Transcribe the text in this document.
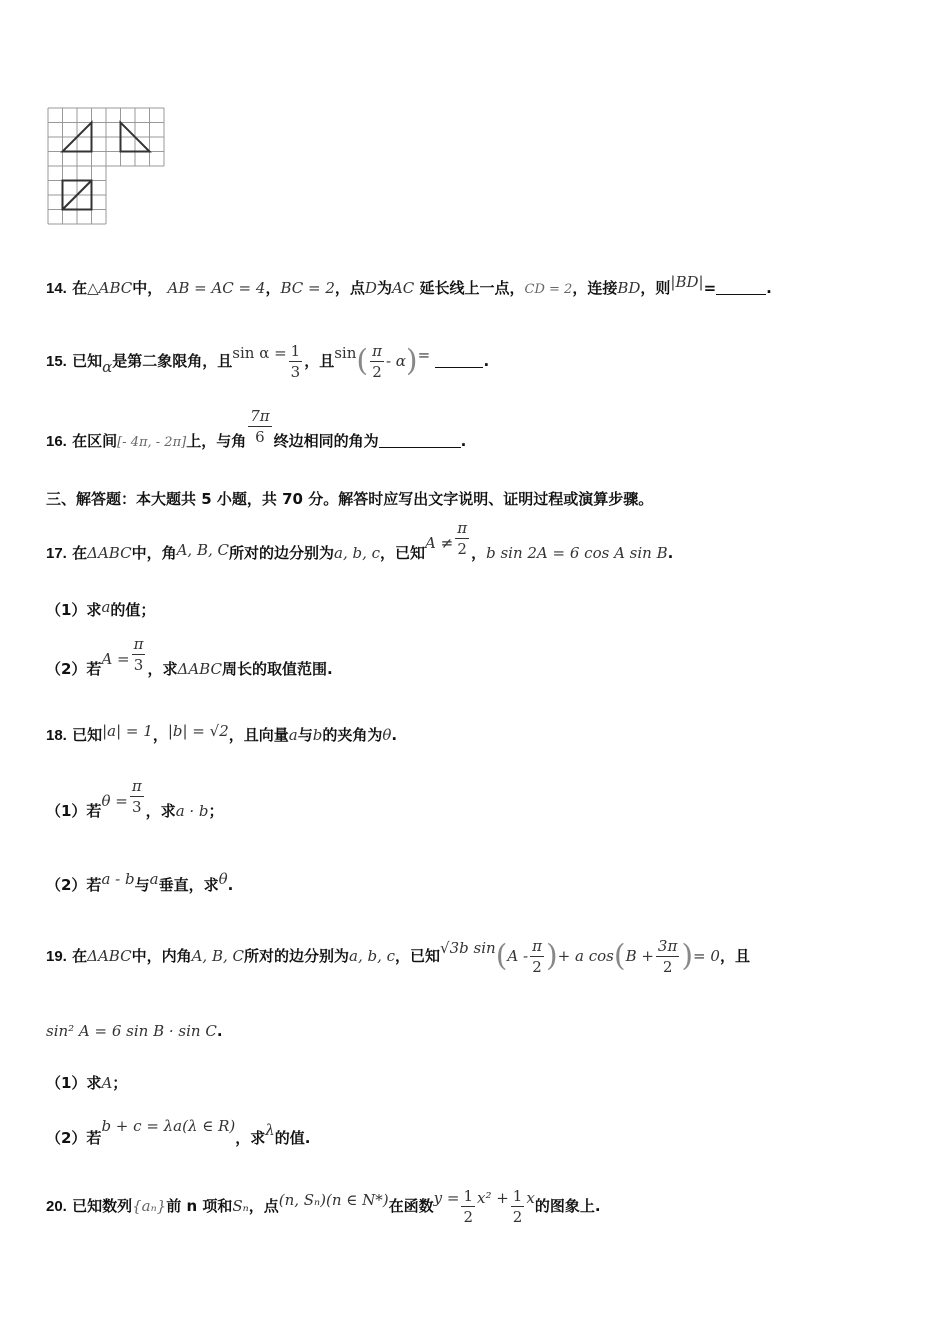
14. 在△ABC中， AB = AC = 4，BC = 2，点D为AC 延长线上一点，CD = 2，连接BD，则|BD|=	.
15. 已知α是第二象限角，且$\sin \alpha = \frac{1}{3}$ ，且$\sin( \frac{\pi}{2} - \alpha)=$	.
16. 在区间[- 4π, - 2π]上，与角 $\frac{7\pi}{6}$ 终边相同的角为	.
三、解答题：本大题共 5 小题，共 70 分。解答时应写出文字说明、证明过程或演算步骤。
17. 在ΔABC中，角A, B, C所对的边分别为a, b, c，已知$A \ne \frac{\pi}{2}$ ，b sin 2A = 6 cos A sin B.
（1）求a的值；
（2）若$A = \frac{\pi}{3}$ ，求ΔABC周长的取值范围.
18. 已知|a| = 1，|b| = √2，且向量a与b的夹角为θ.
（1）若$\theta = \frac{\pi}{3}$ ，求a · b；
（2）若a - b与a垂直，求θ.
19. 在ΔABC中，内角A, B, C所对的边分别为a, b, c，已知√3b $\sin(A - \frac{\pi}{2}$ )+ a $\cos(B + \frac{3\pi}{2}$ )= 0，且
sin² A = 6 sin B · sin C.
（1）求A；
（2）若b + c = λa(λ ∈ R)，求λ的值.
20. 已知数列{aₙ}前 n 项和Sₙ，点(n, Sₙ)(n ∈ N*)在函数$y = \frac{1}{2} x^2 + \frac{1}{2}$ x的图象上.
